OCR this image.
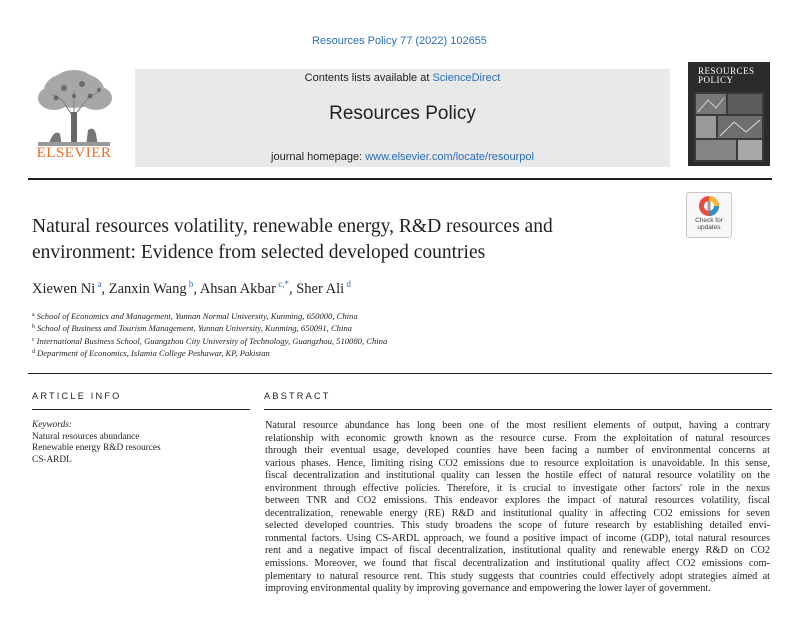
Resources Policy 77 (2022) 102655
ELSEVIER
Contents lists available at ScienceDirect
Resources Policy
journal homepage: www.elsevier.com/locate/resourpol
RESOURCES
POLICY
Check for
updates
Natural resources volatility, renewable energy, R&D resources and environment: Evidence from selected developed countries
Xiewen Ni $^a$, Zanxin Wang $^b$, Ahsan Akbar $^{c,*}$, Sher Ali $^d$
$^a$ School of Economics and Management, Yunnan Normal University, Kunming, 650000, China
$^b$ School of Business and Tourism Management, Yunnan University, Kunming, 650091, China
$^c$ International Business School, Guangzhou City University of Technology, Guangzhou, 510080, China
$^d$ Department of Economics, Islamia College Peshawar, KP, Pakistan
ARTICLE INFO	ABSTRACT
Keywords:
Natural resources abundance
Renewable energy R&D resources
CS-ARDL
Natural resource abundance has long been one of the most resilient elements of output, having a contrary
relationship with economic growth known as the resource curse. From the exploitation of natural resources
through their eventual usage, developed counties have been facing a number of environmental concerns at
various phases. Hence, limiting rising CO2 emissions due to resource exploitation is unavoidable. In this sense,
fiscal decentralization and institutional quality can lessen the hostile effect of natural resource volatility on the
environment through effective policies. Therefore, it is crucial to investigate other factors' role in the nexus
between TNR and CO2 emissions. This endeavor explores the impact of natural resources volatility, fiscal
decentralization, renewable energy (RE) R&D and institutional quality in affecting CO2 emissions for seven
selected developed countries. This study broadens the scope of future research by establishing detailed envi-
ronmental factors. Using CS-ARDL approach, we found a positive impact of income (GDP), total natural resources
rent and a negative impact of fiscal decentralization, institutional quality and renewable energy R&D on CO2
emissions. Moreover, we found that fiscal decentralization and institutional quality affect CO2 emissions com-
plementary to natural resource rent. This study suggests that countries could effectively adopt strategies aimed at
improving environmental quality by improving governance and empowering the lower layer of government.
